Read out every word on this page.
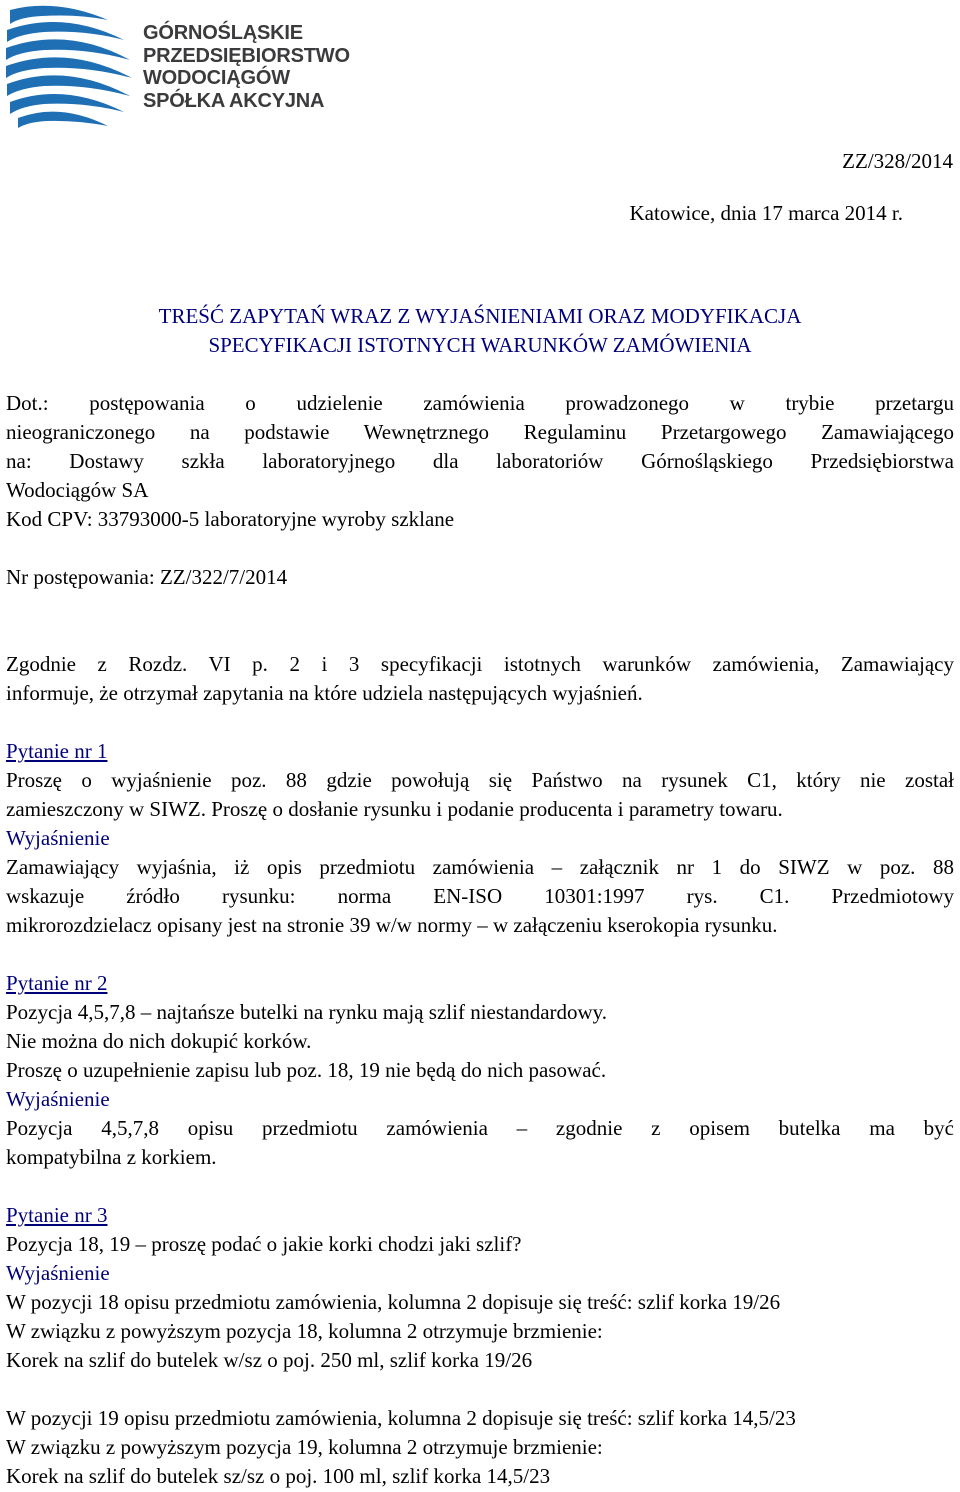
GÓRNOŚLĄSKIE
PRZEDSIĘBIORSTWO
WODOCIĄGÓW
SPÓŁKA AKCYJNA
ZZ/328/2014
Katowice, dnia 17 marca 2014 r.
TREŚĆ ZAPYTAŃ WRAZ Z WYJAŚNIENIAMI ORAZ MODYFIKACJA
SPECYFIKACJI ISTOTNYCH WARUNKÓW ZAMÓWIENIA
Dot.: postępowania o udzielenie zamówienia prowadzonego w trybie przetargu
nieograniczonego na podstawie Wewnętrznego Regulaminu Przetargowego Zamawiającego
na: Dostawy szkła laboratoryjnego dla laboratoriów Górnośląskiego Przedsiębiorstwa
Wodociągów SA
Kod CPV: 33793000-5 laboratoryjne wyroby szklane
Nr postępowania: ZZ/322/7/2014
Zgodnie z Rozdz. VI p. 2 i 3 specyfikacji istotnych warunków zamówienia, Zamawiający
informuje, że otrzymał zapytania na które udziela następujących wyjaśnień.
Pytanie nr 1
Proszę o wyjaśnienie poz. 88 gdzie powołują się Państwo na rysunek C1, który nie został
zamieszczony w SIWZ. Proszę o dosłanie rysunku i podanie producenta i parametry towaru.
Wyjaśnienie
Zamawiający wyjaśnia, iż opis przedmiotu zamówienia – załącznik nr 1 do SIWZ w poz. 88
wskazuje źródło rysunku: norma EN-ISO 10301:1997 rys. C1. Przedmiotowy
mikrorozdzielacz opisany jest na stronie 39 w/w normy – w załączeniu kserokopia rysunku.
Pytanie nr 2
Pozycja 4,5,7,8 – najtańsze butelki na rynku mają szlif niestandardowy.
Nie można do nich dokupić korków.
Proszę o uzupełnienie zapisu lub poz. 18, 19 nie będą do nich pasować.
Wyjaśnienie
Pozycja 4,5,7,8 opisu przedmiotu zamówienia – zgodnie z opisem butelka ma być
kompatybilna z korkiem.
Pytanie nr 3
Pozycja 18, 19 – proszę podać o jakie korki chodzi jaki szlif?
Wyjaśnienie
W pozycji 18 opisu przedmiotu zamówienia, kolumna 2 dopisuje się treść: szlif korka 19/26
W związku z powyższym pozycja 18, kolumna 2 otrzymuje brzmienie:
Korek na szlif do butelek w/sz o poj. 250 ml, szlif korka 19/26
W pozycji 19 opisu przedmiotu zamówienia, kolumna 2 dopisuje się treść: szlif korka 14,5/23
W związku z powyższym pozycja 19, kolumna 2 otrzymuje brzmienie:
Korek na szlif do butelek sz/sz o poj. 100 ml, szlif korka 14,5/23
